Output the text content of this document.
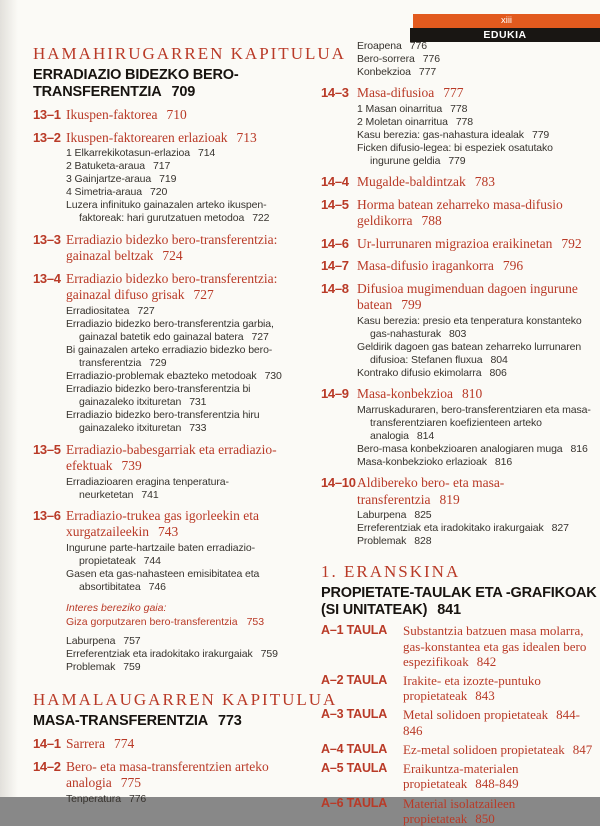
xiii
EDUKIA
HAMAHIRUGARREN KAPITULUA
ERRADIAZIO BIDEZKO BERO-TRANSFERENTZIA 709
13–1 Ikuspen-faktorea 710
13–2 Ikuspen-faktorearen erlazioak 713
1 Elkarrekikotasun-erlazioa 714
2 Batuketa-araua 717
3 Gainjartze-araua 719
4 Simetria-araua 720
Luzera infinituko gainazalen arteko ikuspen-faktoreak: hari gurutzatuen metodoa 722
13–3 Erradiazio bidezko bero-transferentzia: gainazal beltzak 724
13–4 Erradiazio bidezko bero-transferentzia: gainazal difuso grisak 727
Erradiositatea 727
Erradiazio bidezko bero-transferentzia garbia, gainazal batetik edo gainazal batera 727
Bi gainazalen arteko erradiazio bidezko bero-transferentzia 729
Erradiazio-problemak ebazteko metodoak 730
Erradiazio bidezko bero-transferentzia bi gainazaleko itxituretan 731
Erradiazio bidezko bero-transferentzia hiru gainazaleko itxituretan 733
13–5 Erradiazio-babesgarriak eta erradiazio-efektuak 739
Erradiazioaren eragina tenperatura-neurketetan 741
13–6 Erradiazio-trukea gas igorleekin eta xurgatzaileekin 743
Ingurune parte-hartzaile baten erradiazio-propietateak 744
Gasen eta gas-nahasteen emisibitatea eta absortibitatea 746
Interes bereziko gaia:
Giza gorputzaren bero-transferentzia 753
Laburpena 757
Erreferentziak eta iradokitako irakurgaiak 759
Problemak 759
HAMALAUGARREN KAPITULUA
MASA-TRANSFERENTZIA 773
14–1 Sarrera 774
14–2 Bero- eta masa-transferentzien arteko analogia 775
Tenperatura 776
Eroapena 776
Bero-sorrera 776
Konbekzioa 777
14–3 Masa-difusioa 777
1 Masan oinarritua 778
2 Moletan oinarritua 778
Kasu berezia: gas-nahastura idealak 779
Ficken difusio-legea: bi espeziek osatutako ingurune geldia 779
14–4 Mugalde-baldintzak 783
14–5 Horma batean zeharreko masa-difusio geldikorra 788
14–6 Ur-lurrunaren migrazioa eraikinetan 792
14–7 Masa-difusio iragankorra 796
14–8 Difusioa mugimenduan dagoen ingurune batean 799
Kasu berezia: presio eta tenperatura konstanteko gas-nahasturak 803
Geldirik dagoen gas batean zeharreko lurrunaren difusioa: Stefanen fluxua 804
Kontrako difusio ekimolarra 806
14–9 Masa-konbekzioa 810
Marruskaduraren, bero-transferentziaren eta masa-transferentziaren koefizienteen arteko analogia 814
Bero-masa konbekzioaren analogiaren muga 816
Masa-konbekzioko erlazioak 816
14–10 Aldibereko bero- eta masa-transferentzia 819
Laburpena 825
Erreferentziak eta iradokitako irakurgaiak 827
Problemak 828
1. ERANSKINA
PROPIETATE-TAULAK ETA -GRAFIKOAK (SI UNITATEAK) 841
A–1 TAULA	Substantzia batzuen masa molarra, gas-konstantea eta gas idealen bero espezifikoak 842
A–2 TAULA	Irakite- eta izozte-puntuko propietateak 843
A–3 TAULA	Metal solidoen propietateak 844-846
A–4 TAULA	Ez-metal solidoen propietateak 847
A–5 TAULA	Eraikuntza-materialen propietateak 848-849
A–6 TAULA	Material isolatzaileen propietateak 850
